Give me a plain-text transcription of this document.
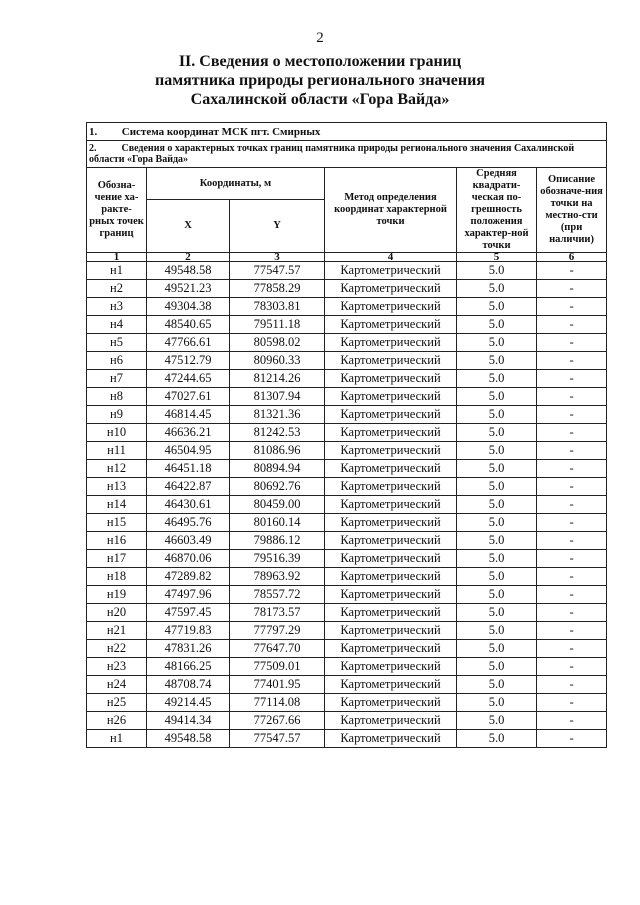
2
II. Сведения о местоположении границ
памятника природы регионального значения
Сахалинской области «Гора Вайда»
1. Система координат МСК пгт. Смирных					
2. Сведения о характерных точках границ памятника природы регионального значения Сахалинской области «Гора Вайда»					
Обозна-чение ха-ракте-рных точек границ	Координаты, м		Метод определения координат характерной точки	Средняя квадрати-ческая по-грешность положения характер-ной точки	Описание обозначе-ния точки на местно-сти (при наличии)
	X	Y			
1	2	3	4	5	6
н1	49548.58	77547.57	Картометрический	5.0	-
н2	49521.23	77858.29	Картометрический	5.0	-
н3	49304.38	78303.81	Картометрический	5.0	-
н4	48540.65	79511.18	Картометрический	5.0	-
н5	47766.61	80598.02	Картометрический	5.0	-
н6	47512.79	80960.33	Картометрический	5.0	-
н7	47244.65	81214.26	Картометрический	5.0	-
н8	47027.61	81307.94	Картометрический	5.0	-
н9	46814.45	81321.36	Картометрический	5.0	-
н10	46636.21	81242.53	Картометрический	5.0	-
н11	46504.95	81086.96	Картометрический	5.0	-
н12	46451.18	80894.94	Картометрический	5.0	-
н13	46422.87	80692.76	Картометрический	5.0	-
н14	46430.61	80459.00	Картометрический	5.0	-
н15	46495.76	80160.14	Картометрический	5.0	-
н16	46603.49	79886.12	Картометрический	5.0	-
н17	46870.06	79516.39	Картометрический	5.0	-
н18	47289.82	78963.92	Картометрический	5.0	-
н19	47497.96	78557.72	Картометрический	5.0	-
н20	47597.45	78173.57	Картометрический	5.0	-
н21	47719.83	77797.29	Картометрический	5.0	-
н22	47831.26	77647.70	Картометрический	5.0	-
н23	48166.25	77509.01	Картометрический	5.0	-
н24	48708.74	77401.95	Картометрический	5.0	-
н25	49214.45	77114.08	Картометрический	5.0	-
н26	49414.34	77267.66	Картометрический	5.0	-
н1	49548.58	77547.57	Картометрический	5.0	-
